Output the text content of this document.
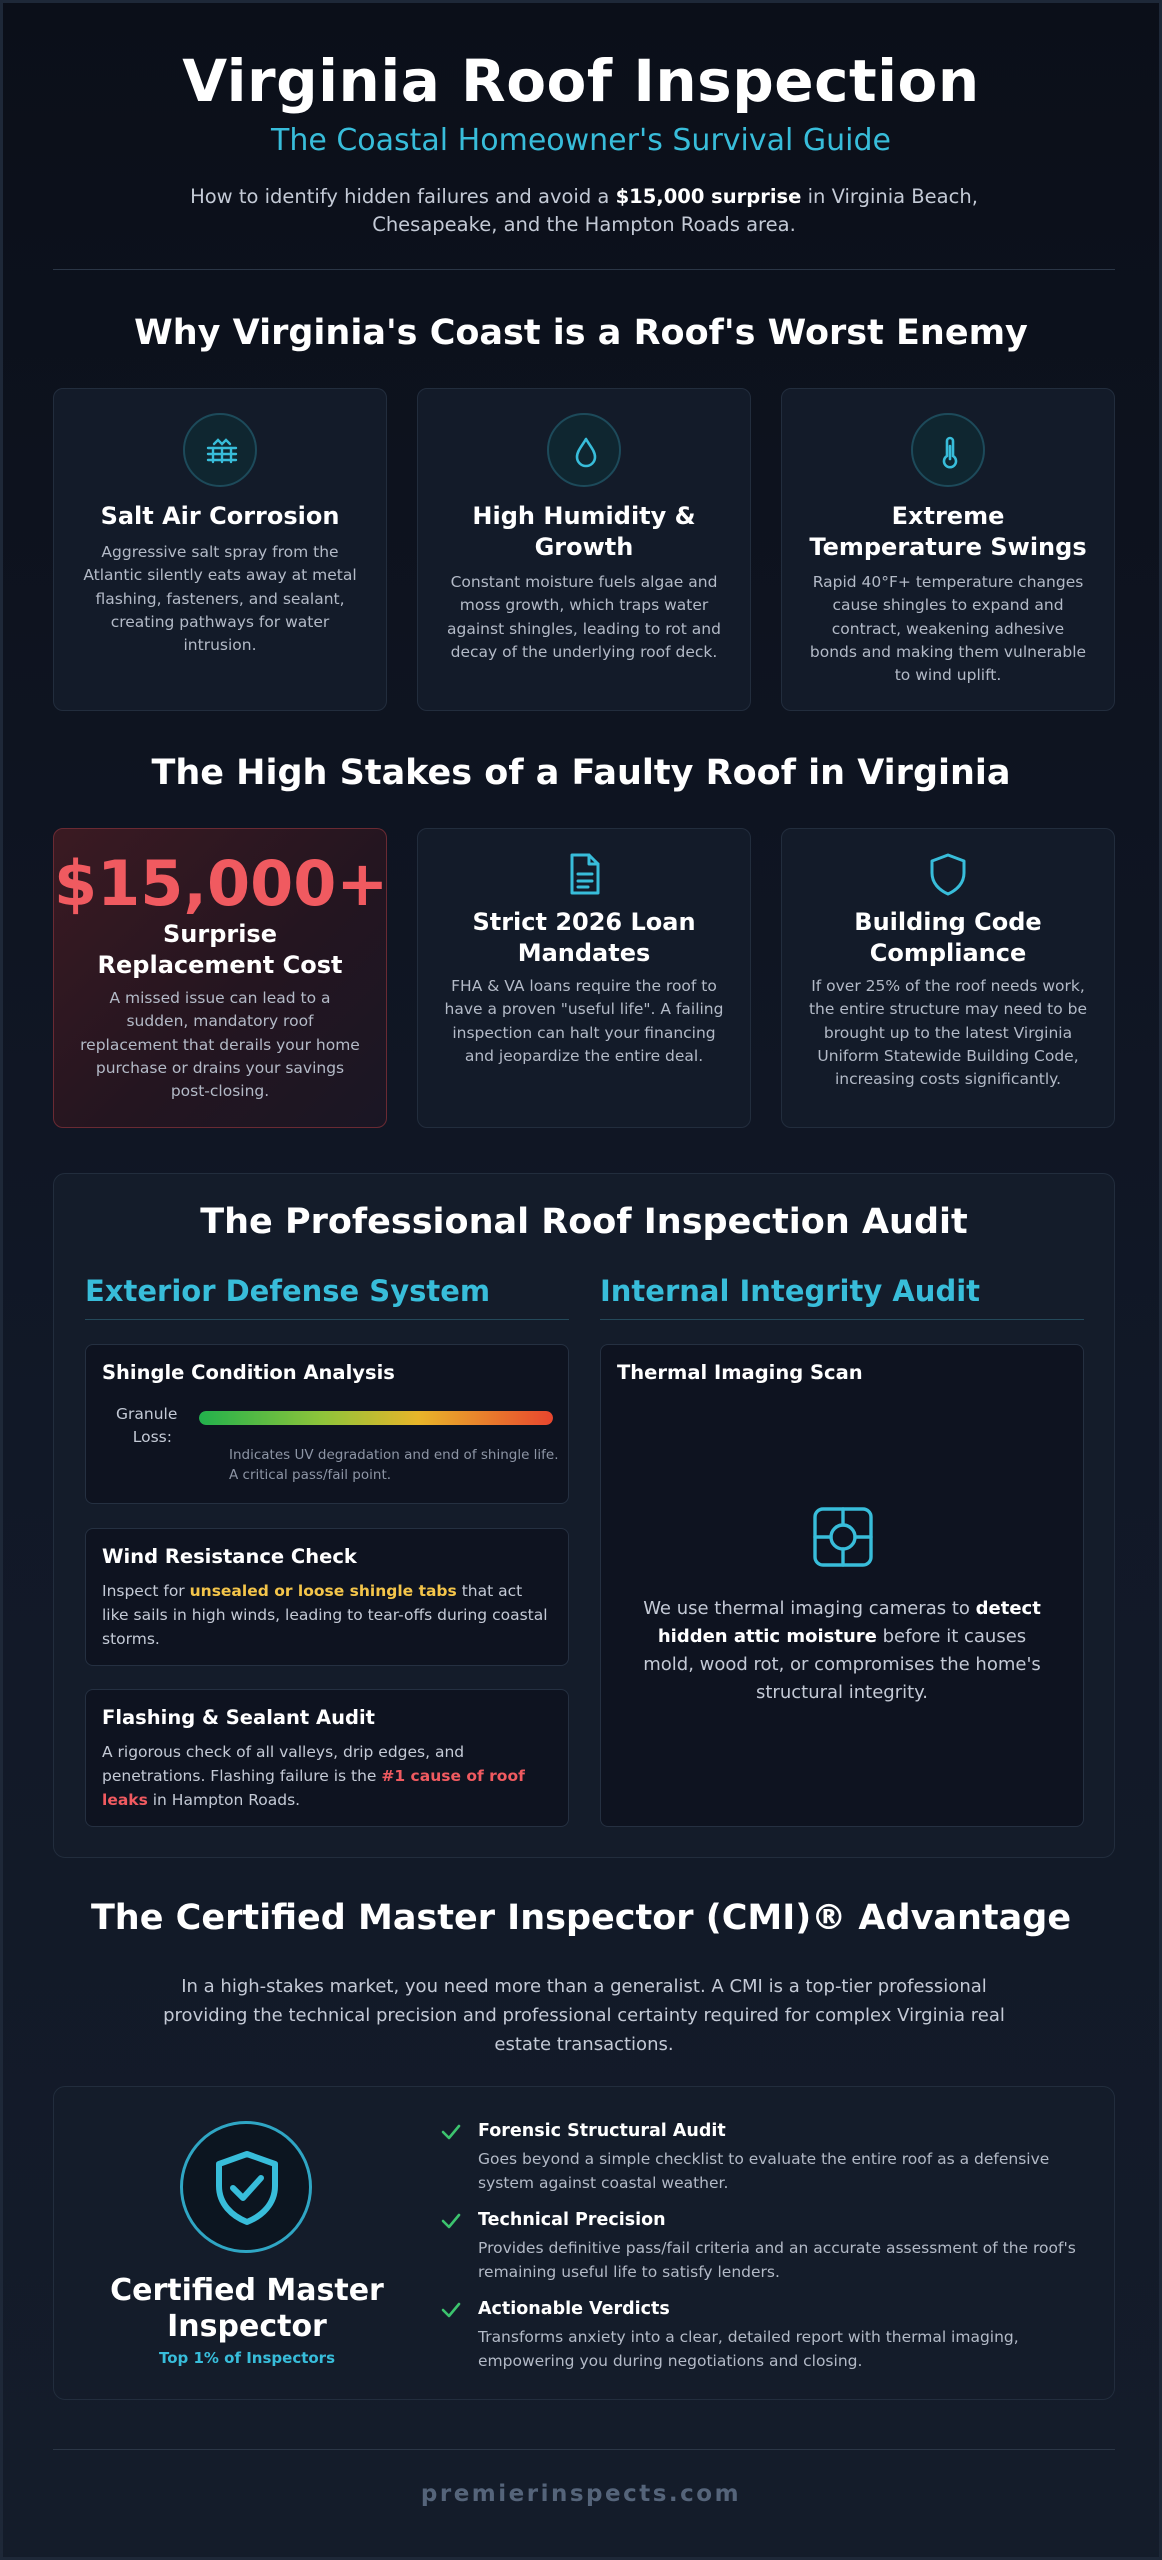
Virginia Roof Inspection
The Coastal Homeowner's Survival Guide
How to identify hidden failures and avoid a $15,000 surprise in Virginia Beach, Chesapeake, and the Hampton Roads area.
Why Virginia's Coast is a Roof's Worst Enemy
Salt Air Corrosion
Aggressive salt spray from the Atlantic silently eats away at metal flashing, fasteners, and sealant, creating pathways for water intrusion.
High Humidity & Growth
Constant moisture fuels algae and moss growth, which traps water against shingles, leading to rot and decay of the underlying roof deck.
Extreme Temperature Swings
Rapid 40°F+ temperature changes cause shingles to expand and contract, weakening adhesive bonds and making them vulnerable to wind uplift.
The High Stakes of a Faulty Roof in Virginia
$15,000+
Surprise Replacement Cost
A missed issue can lead to a sudden, mandatory roof replacement that derails your home purchase or drains your savings post-closing.
Strict 2026 Loan Mandates
FHA & VA loans require the roof to have a proven "useful life". A failing inspection can halt your financing and jeopardize the entire deal.
Building Code Compliance
If over 25% of the roof needs work, the entire structure may need to be brought up to the latest Virginia Uniform Statewide Building Code, increasing costs significantly.
The Professional Roof Inspection Audit
Exterior Defense System	Internal Integrity Audit
Shingle Condition Analysis
Granule Loss:
Indicates UV degradation and end of shingle life. A critical pass/fail point.
Wind Resistance Check
Inspect for unsealed or loose shingle tabs that act like sails in high winds, leading to tear-offs during coastal storms.
Flashing & Sealant Audit
A rigorous check of all valleys, drip edges, and penetrations. Flashing failure is the #1 cause of roof leaks in Hampton Roads.
Thermal Imaging Scan
We use thermal imaging cameras to detect hidden attic moisture before it causes mold, wood rot, or compromises the home's structural integrity.
The Certified Master Inspector (CMI)® Advantage
In a high-stakes market, you need more than a generalist. A CMI is a top-tier professional providing the technical precision and professional certainty required for complex Virginia real estate transactions.
Certified Master Inspector
Top 1% of Inspectors
Forensic Structural Audit
Goes beyond a simple checklist to evaluate the entire roof as a defensive system against coastal weather.
Technical Precision
Provides definitive pass/fail criteria and an accurate assessment of the roof's remaining useful life to satisfy lenders.
Actionable Verdicts
Transforms anxiety into a clear, detailed report with thermal imaging, empowering you during negotiations and closing.
premierinspects.com
